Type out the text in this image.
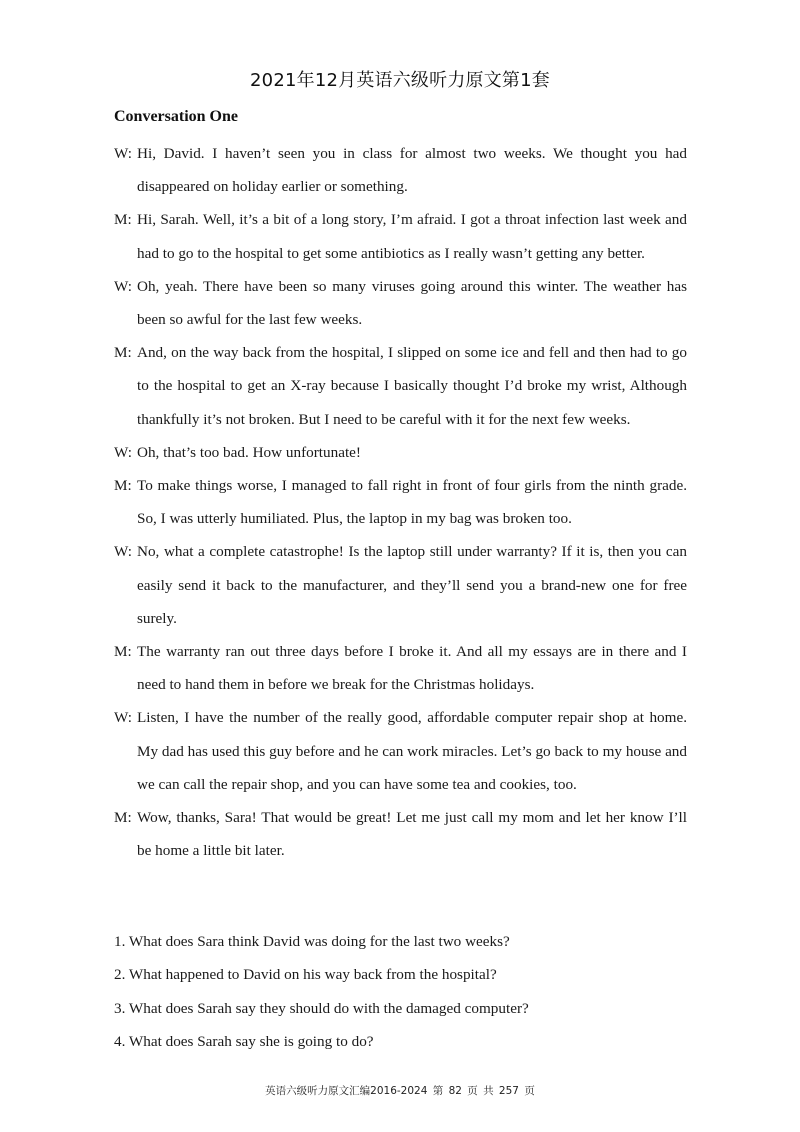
2021年12月英语六级听力原文第1套
Conversation One

W: Hi, David. I haven’t seen you in class for almost two weeks. We thought you had disappeared on holiday earlier or something.

M: Hi, Sarah. Well, it’s a bit of a long story, I’m afraid. I got a throat infection last week and had to go to the hospital to get some antibiotics as I really wasn’t getting any better.

W: Oh, yeah. There have been so many viruses going around this winter. The weather has been so awful for the last few weeks.

M: And, on the way back from the hospital, I slipped on some ice and fell and then had to go to the hospital to get an X-ray because I basically thought I’d broke my wrist, Although thankfully it’s not broken. But I need to be careful with it for the next few weeks.

W: Oh, that’s too bad. How unfortunate!

M: To make things worse, I managed to fall right in front of four girls from the ninth grade. So, I was utterly humiliated. Plus, the laptop in my bag was broken too.

W: No, what a complete catastrophe! Is the laptop still under warranty? If it is, then you can easily send it back to the manufacturer, and they’ll send you a brand-new one for free surely.

M: The warranty ran out three days before I broke it. And all my essays are in there and I need to hand them in before we break for the Christmas holidays.

W: Listen, I have the number of the really good, affordable computer repair shop at home. My dad has used this guy before and he can work miracles. Let’s go back to my house and we can call the repair shop, and you can have some tea and cookies, too.

M: Wow, thanks, Sara! That would be great! Let me just call my mom and let her know I’ll be home a little bit later.

1. What does Sara think David was doing for the last two weeks?

2. What happened to David on his way back from the hospital?

3. What does Sarah say they should do with the damaged computer?

4. What does Sarah say she is going to do?

英语六级听力原文汇编2016-2024 第 82 页 共 257 页
